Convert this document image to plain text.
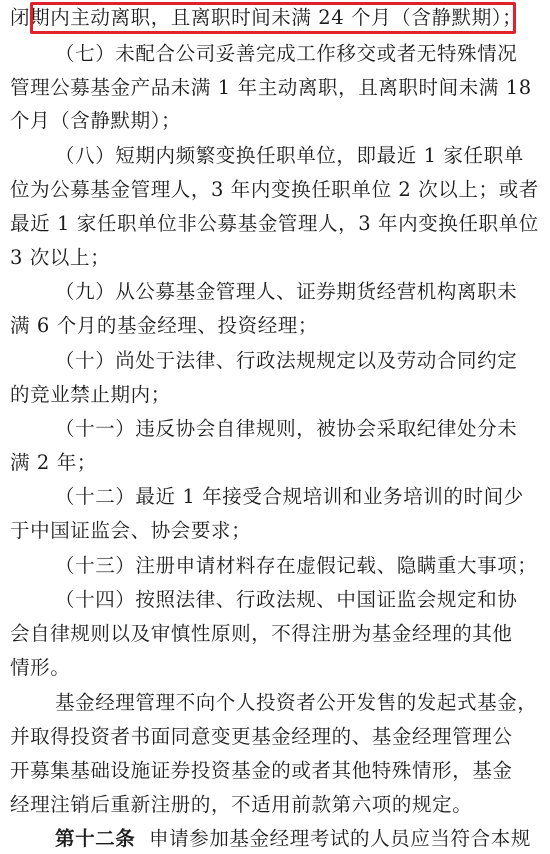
闭期内主动离职，且离职时间未满 24 个月（含静默期）；
（七）未配合公司妥善完成工作移交或者无特殊情况
管理公募基金产品未满 1 年主动离职，且离职时间未满 18
个月（含静默期）；
（八）短期内频繁变换任职单位，即最近 1 家任职单
位为公募基金管理人，3 年内变换任职单位 2 次以上；或者
最近 1 家任职单位非公募基金管理人，3 年内变换任职单位
3 次以上；
（九）从公募基金管理人、证券期货经营机构离职未
满 6 个月的基金经理、投资经理；
（十）尚处于法律、行政法规规定以及劳动合同约定
的竞业禁止期内；
（十一）违反协会自律规则，被协会采取纪律处分未
满 2 年；
（十二）最近 1 年接受合规培训和业务培训的时间少
于中国证监会、协会要求；
（十三）注册申请材料存在虚假记载、隐瞒重大事项；
（十四）按照法律、行政法规、中国证监会规定和协
会自律规则以及审慎性原则，不得注册为基金经理的其他
情形。
基金经理管理不向个人投资者公开发售的发起式基金，
并取得投资者书面同意变更基金经理的、基金经理管理公
开募集基础设施证券投资基金的或者其他特殊情形，基金
经理注销后重新注册的，不适用前款第六项的规定。
第十二条 申请参加基金经理考试的人员应当符合本规
